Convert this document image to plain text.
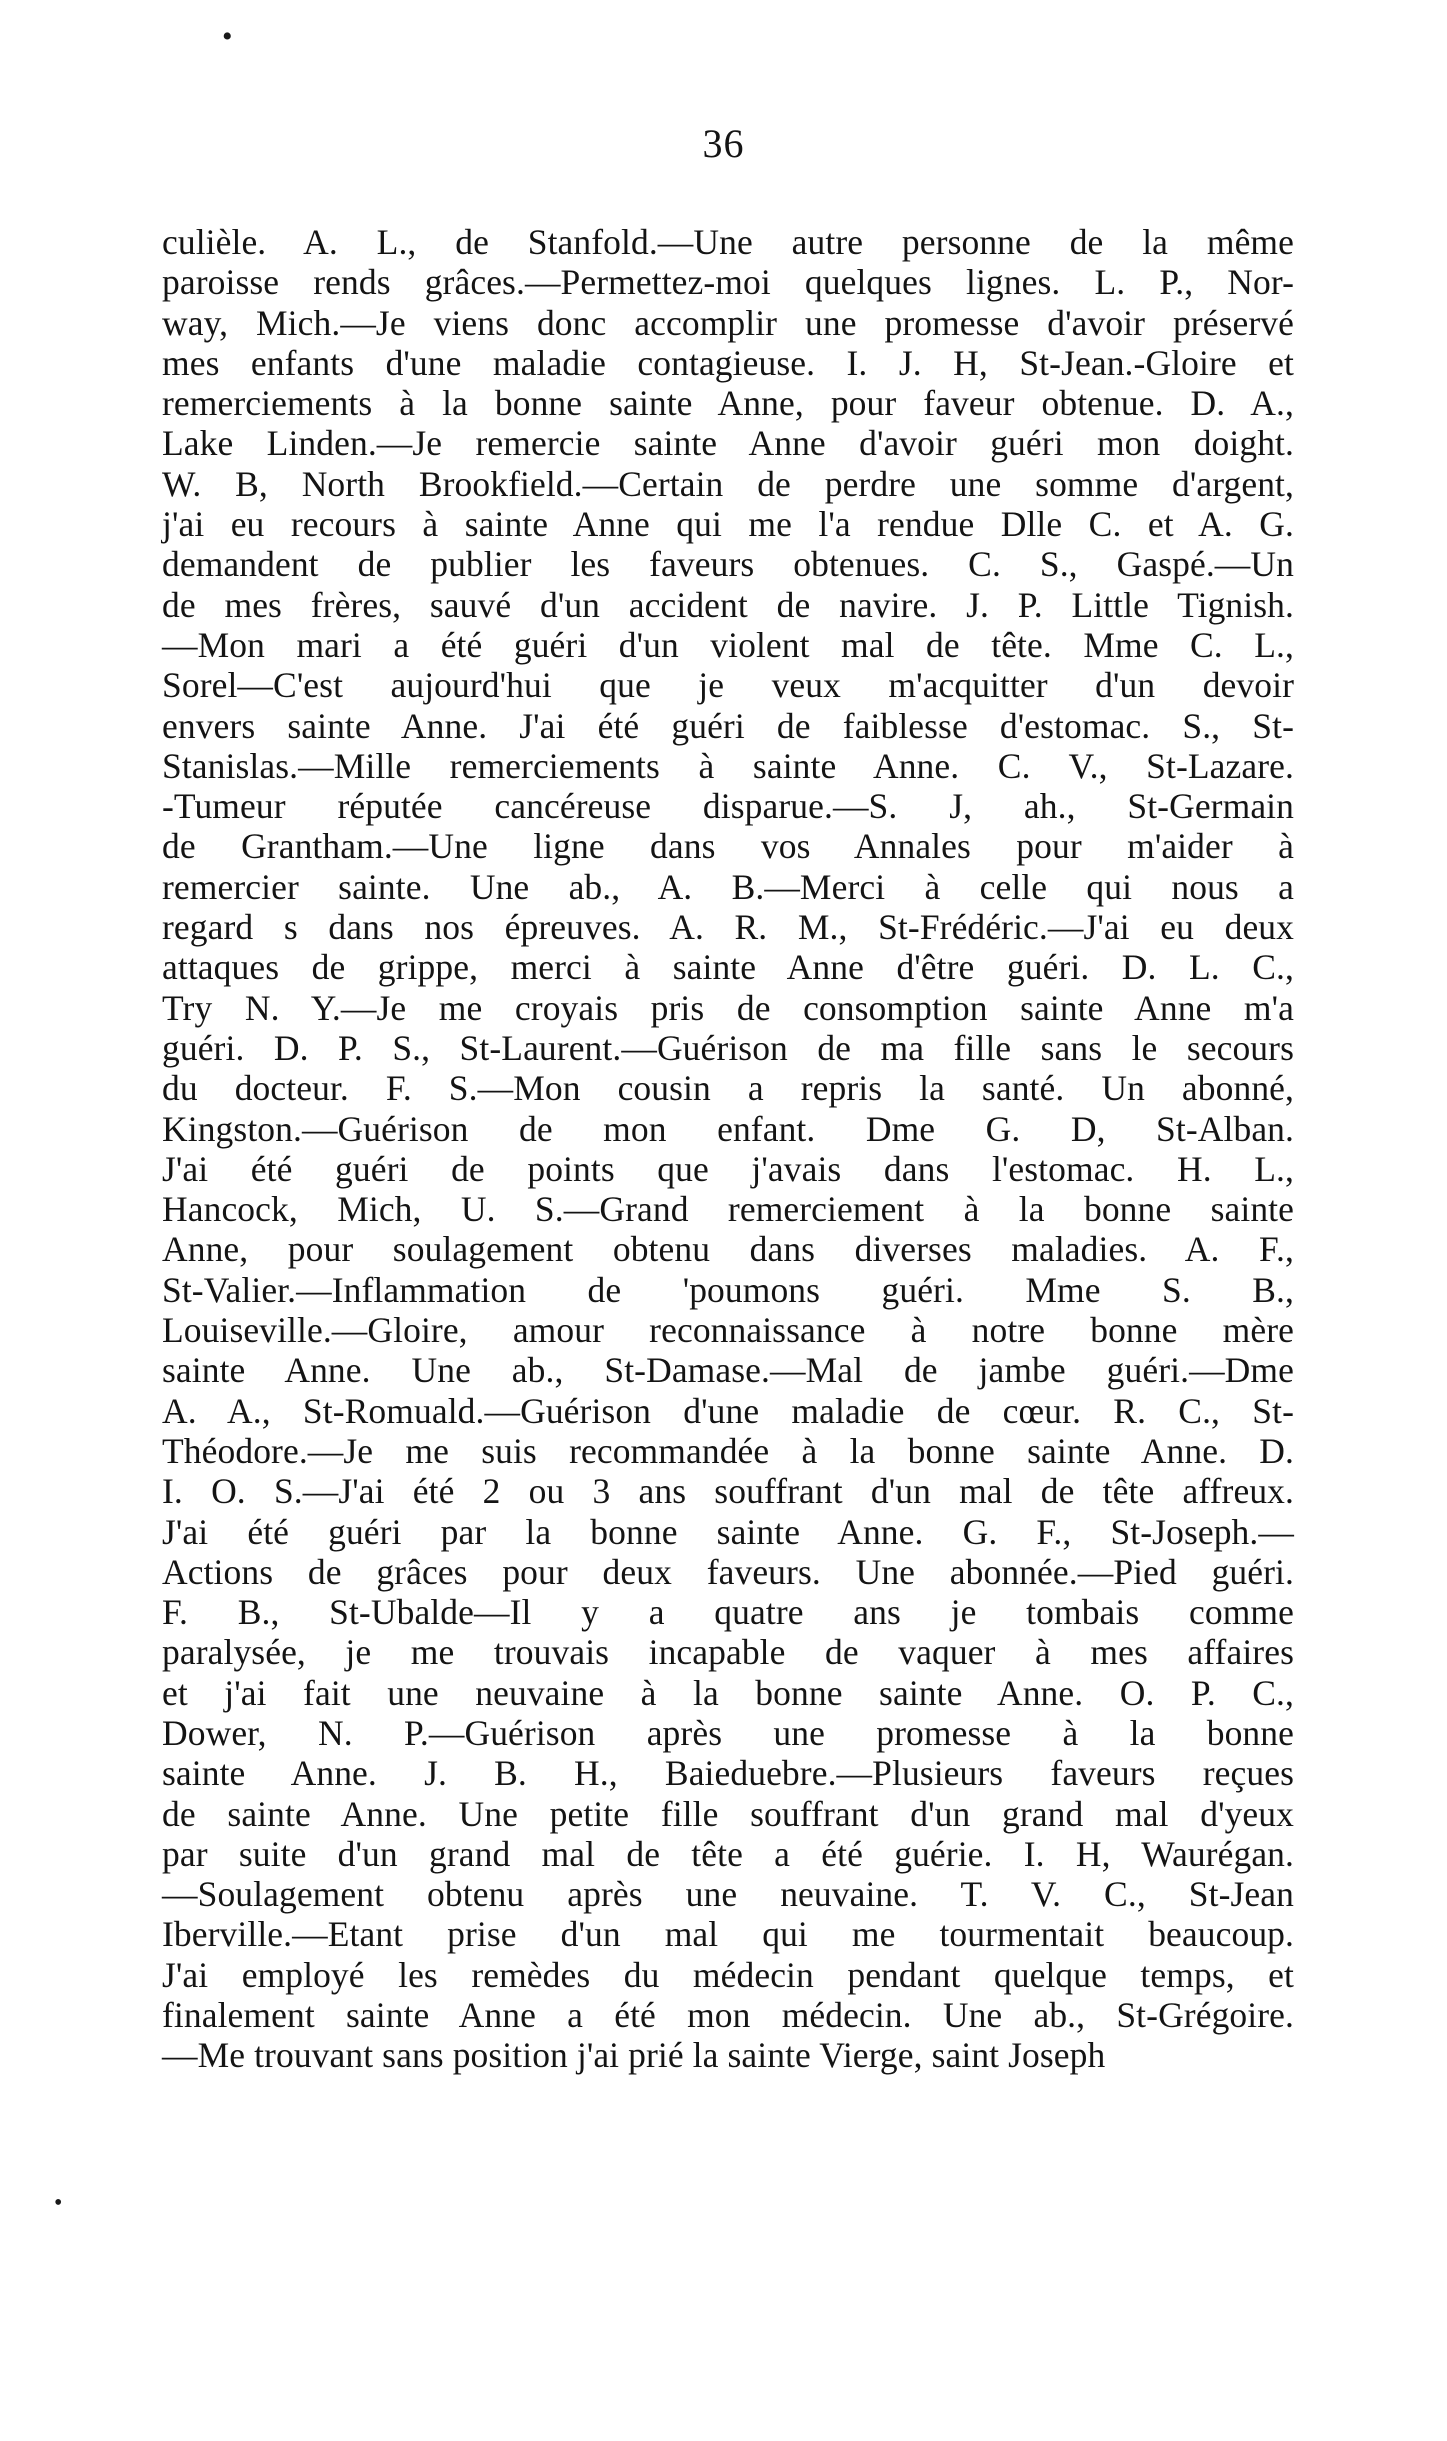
•
36
culièle. A. L., de Stanfold.—Une autre personne de la même
paroisse rends grâces.—Permettez-moi quelques lignes. L. P., Nor-
way, Mich.—Je viens donc accomplir une promesse d'avoir préservé
mes enfants d'une maladie contagieuse. I. J. H, St-Jean.-Gloire et
remerciements à la bonne sainte Anne, pour faveur obtenue. D. A.,
Lake Linden.—Je remercie sainte Anne d'avoir guéri mon doight.
W. B, North Brookfield.—Certain de perdre une somme d'argent,
j'ai eu recours à sainte Anne qui me l'a rendue Dlle C. et A. G.
demandent de publier les faveurs obtenues. C. S., Gaspé.—Un
de mes frères, sauvé d'un accident de navire. J. P. Little Tignish.
—Mon mari a été guéri d'un violent mal de tête. Mme C. L.,
Sorel—C'est aujourd'hui que je veux m'acquitter d'un devoir
envers sainte Anne. J'ai été guéri de faiblesse d'estomac. S., St-
Stanislas.—Mille remerciements à sainte Anne. C. V., St-Lazare.
-Tumeur réputée cancéreuse disparue.—S. J, ah., St-Germain
de Grantham.—Une ligne dans vos Annales pour m'aider à
remercier sainte. Une ab., A. B.—Merci à celle qui nous a
regard s dans nos épreuves. A. R. M., St-Frédéric.—J'ai eu deux
attaques de grippe, merci à sainte Anne d'être guéri. D. L. C.,
Try N. Y.—Je me croyais pris de consomption sainte Anne m'a
guéri. D. P. S., St-Laurent.—Guérison de ma fille sans le secours
du docteur. F. S.—Mon cousin a repris la santé. Un abonné,
Kingston.—Guérison de mon enfant. Dme G. D, St-Alban.
J'ai été guéri de points que j'avais dans l'estomac. H. L.,
Hancock, Mich, U. S.—Grand remerciement à la bonne sainte
Anne, pour soulagement obtenu dans diverses maladies. A. F.,
St-Valier.—Inflammation de 'poumons guéri. Mme S. B.,
Louiseville.—Gloire, amour reconnaissance à notre bonne mère
sainte Anne. Une ab., St-Damase.—Mal de jambe guéri.—Dme
A. A., St-Romuald.—Guérison d'une maladie de cœur. R. C., St-
Théodore.—Je me suis recommandée à la bonne sainte Anne. D.
I. O. S.—J'ai été 2 ou 3 ans souffrant d'un mal de tête affreux.
J'ai été guéri par la bonne sainte Anne. G. F., St-Joseph.—
Actions de grâces pour deux faveurs. Une abonnée.—Pied guéri.
F. B., St-Ubalde—Il y a quatre ans je tombais comme
paralysée, je me trouvais incapable de vaquer à mes affaires
et j'ai fait une neuvaine à la bonne sainte Anne. O. P. C.,
Dower, N. P.—Guérison après une promesse à la bonne
sainte Anne. J. B. H., Baieduebre.—Plusieurs faveurs reçues
de sainte Anne. Une petite fille souffrant d'un grand mal d'yeux
par suite d'un grand mal de tête a été guérie. I. H, Waurégan.
—Soulagement obtenu après une neuvaine. T. V. C., St-Jean
Iberville.—Etant prise d'un mal qui me tourmentait beaucoup.
J'ai employé les remèdes du médecin pendant quelque temps, et
finalement sainte Anne a été mon médecin. Une ab., St-Grégoire.
—Me trouvant sans position j'ai prié la sainte Vierge, saint Joseph
•
